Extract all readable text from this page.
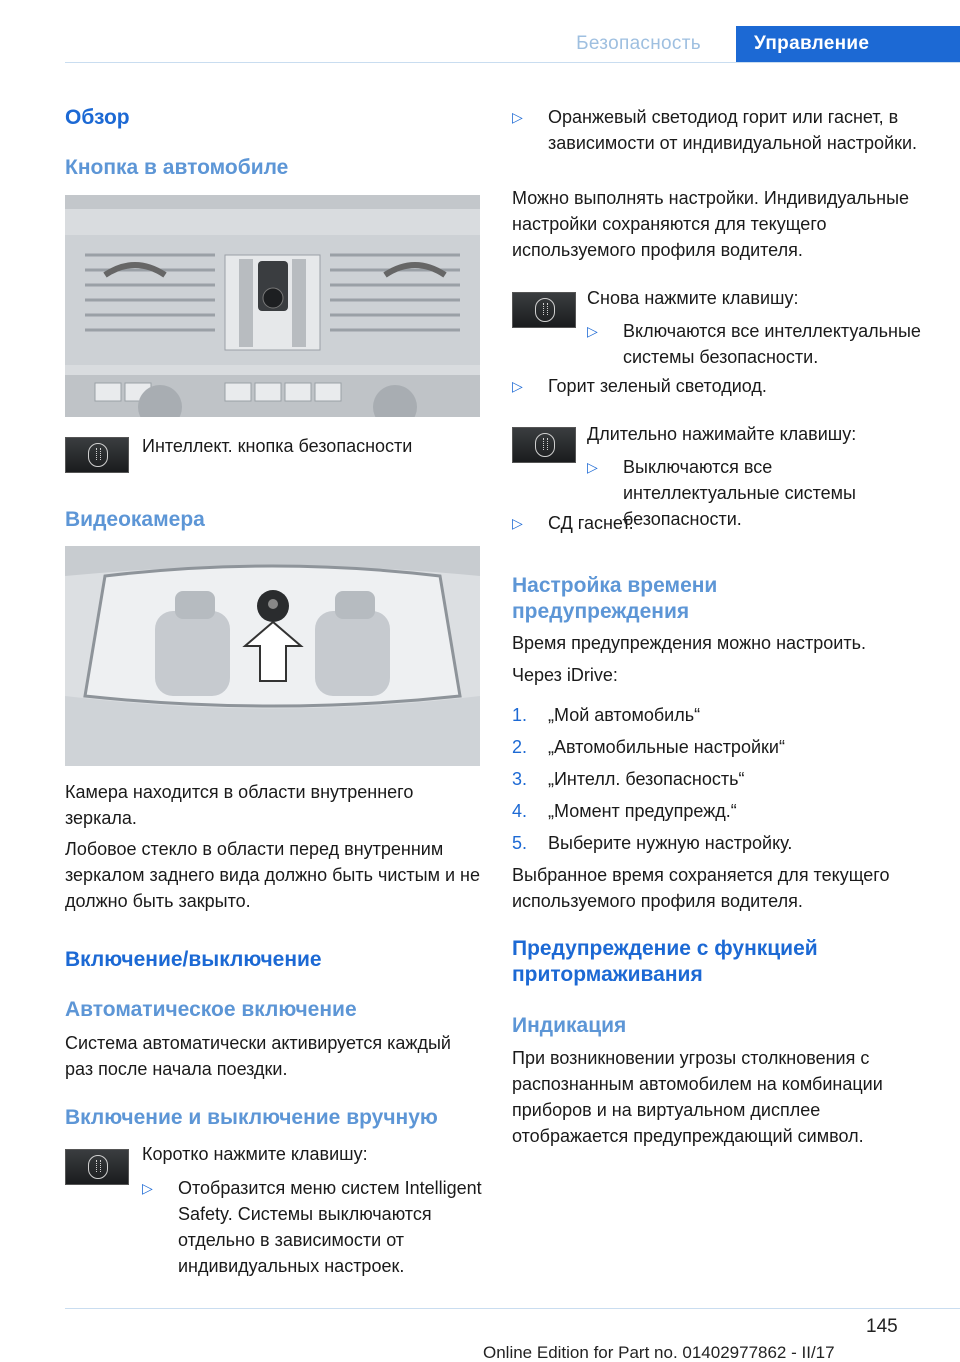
Безопасность	Управление
Обзор
Кнопка в автомобиле
Интеллект. кнопка безопасности
Видеокамера
Камера находится в области внутреннего зеркала.
Лобовое стекло в области перед внутренним зеркалом заднего вида должно быть чистым и не должно быть закрыто.
Включение/выключение
Автоматическое включение
Система автоматически активируется каждый раз после начала поездки.
Включение и выключение вручную
Коротко нажмите клавишу:
▷ Отобразится меню систем Intelligent Safety. Системы выключаются отдельно в зависимости от индивидуальных настроек.
▷ Оранжевый светодиод горит или гаснет, в зависимости от индивидуальной настройки.
Можно выполнять настройки. Индивидуальные настройки сохраняются для текущего используемого профиля водителя.
Снова нажмите клавишу:
▷ Включаются все интеллектуальные системы безопасности.
▷ Горит зеленый светодиод.
Длительно нажимайте клавишу:
▷ Выключаются все интеллектуальные системы безопасности.
▷ СД гаснет.
Настройка времени предупреждения
Время предупреждения можно настроить.
Через iDrive:
1. „Мой автомобиль“
2. „Автомобильные настройки“
3. „Интелл. безопасность“
4. „Момент предупрежд.“
5. Выберите нужную настройку.
Выбранное время сохраняется для текущего используемого профиля водителя.
Предупреждение с функцией притормаживания
Индикация
При возникновении угрозы столкновения с распознанным автомобилем на комбинации приборов и на виртуальном дисплее отображается предупреждающий символ.
145
Online Edition for Part no. 01402977862 - II/17
